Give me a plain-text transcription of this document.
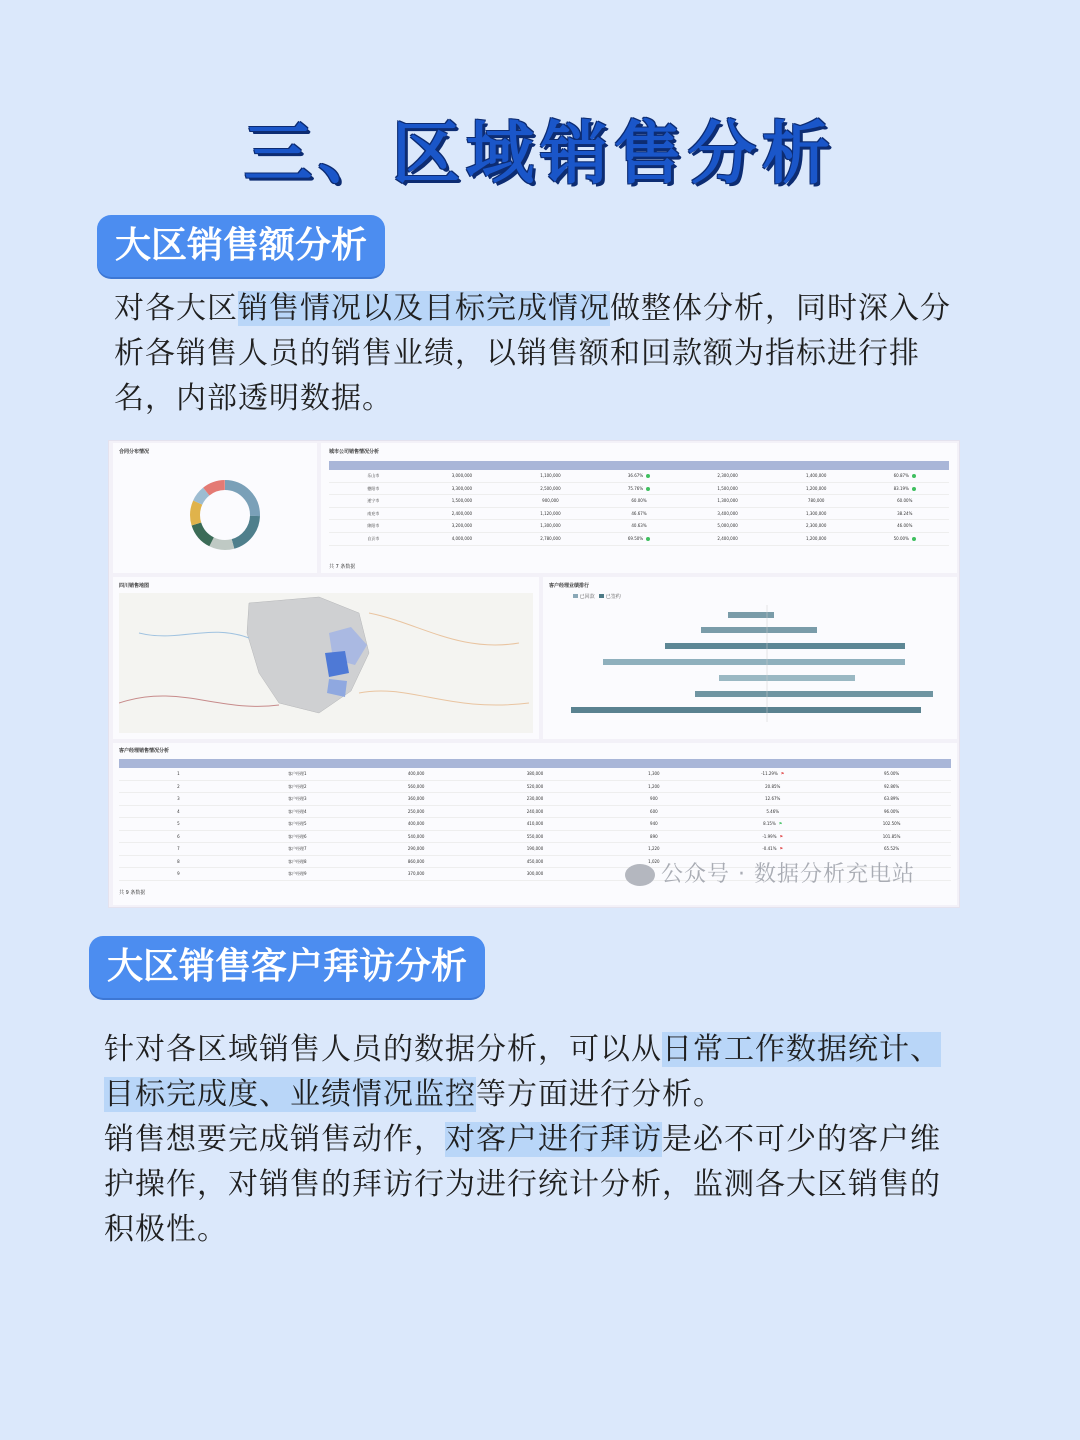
三、区域销售分析
大区销售额分析
对各大区销售情况以及目标完成情况做整体分析，同时深入分析各销售人员的销售业绩，以销售额和回款额为指标进行排名，内部透明数据。
合同分布情况	城市公司销售情况分析
乐山市	3,000,000	1,100,000	36.67%	2,300,000	1,400,000	60.87%
德阳市	3,300,000	2,500,000	75.76%	1,500,000	1,200,000	83.19%
遂宁市	1,500,000	900,000	60.00%	1,300,000	780,000	60.00%
南充市	2,400,000	1,120,000	46.67%	3,400,000	1,300,000	38.24%
绵阳市	3,200,000	1,300,000	40.63%	5,000,000	2,300,000	46.00%
自贡市	4,000,000	2,780,000	69.50%	2,400,000	1,200,000	50.00%
共 7 条数据
四川销售地图	客户经理业绩排行
已回款 已签约
客户经理销售情况分析
1	客户经理1	400,000	380,000	1,300	-11.29% ⚑	95.00%
2	客户经理2	560,000	520,000	1,200	20.85%	92.86%
3	客户经理3	360,000	230,000	900	12.67%	63.89%
4	客户经理4	250,000	240,000	600	5.46%	96.00%
5	客户经理5	400,000	410,000	940	8.15% ⚑	102.50%
6	客户经理6	540,000	550,000	890	-1.99% ⚑	101.85%
7	客户经理7	290,000	190,000	1,220	-0.41% ⚑	65.52%
8	客户经理8	860,000	450,000	1,020
9	客户经理9	370,000	300,000
共 9 条数据
公众号 · 数据分析充电站
大区销售客户拜访分析
针对各区域销售人员的数据分析，可以从日常工作数据统计、目标完成度、业绩情况监控等方面进行分析。
销售想要完成销售动作，对客户进行拜访是必不可少的客户维护操作，对销售的拜访行为进行统计分析，监测各大区销售的积极性。
